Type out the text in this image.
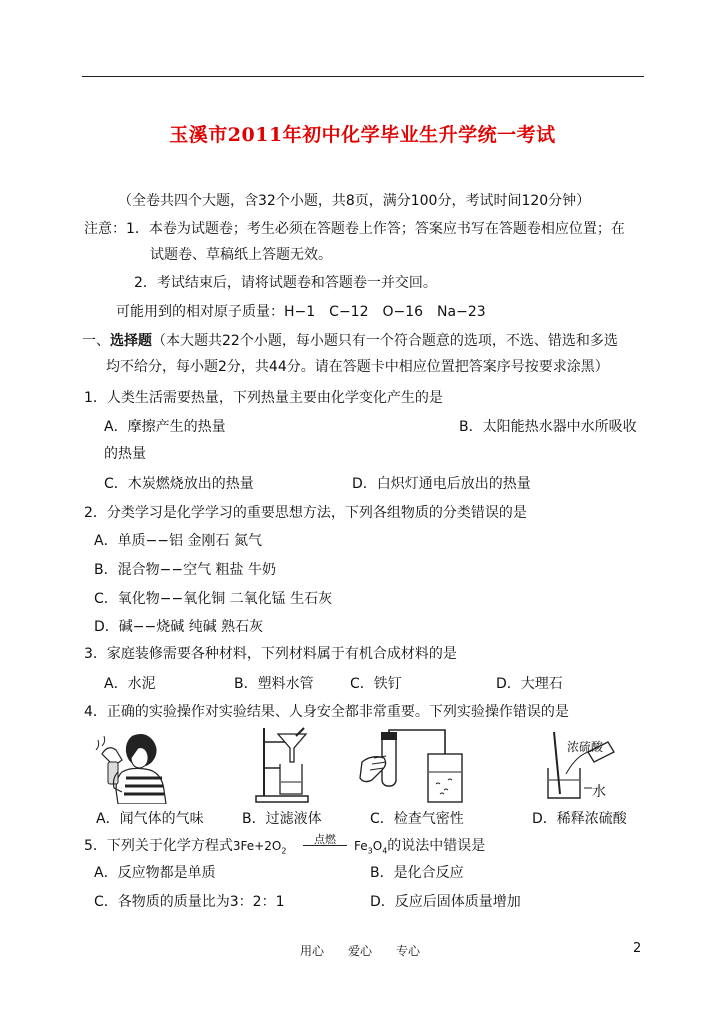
玉溪市2011年初中化学毕业生升学统一考试
（全卷共四个大题，含32个小题，共8页，满分100分，考试时间120分钟）
注意：1．本卷为试题卷；考生必须在答题卷上作答；答案应书写在答题卷相应位置；在
试题卷、草稿纸上答题无效。
2．考试结束后，请将试题卷和答题卷一并交回。
可能用到的相对原子质量：H−1　C−12　O−16　Na−23
一、选择题（本大题共22个小题，每小题只有一个符合题意的选项，不选、错选和多选
均不给分，每小题2分，共44分。请在答题卡中相应位置把答案序号按要求涂黑）
1．人类生活需要热量，下列热量主要由化学变化产生的是
A．摩擦产生的热量	B．太阳能热水器中水所吸收
的热量
C．木炭燃烧放出的热量	D．白炽灯通电后放出的热量
2．分类学习是化学学习的重要思想方法，下列各组物质的分类错误的是
A．单质−−铝 金刚石 氮气
B．混合物−−空气 粗盐 牛奶
C．氧化物−−氧化铜 二氧化锰 生石灰
D．碱−−烧碱 纯碱 熟石灰
3．家庭装修需要各种材料，下列材料属于有机合成材料的是
A．水泥	B．塑料水管	C．铁钉	D．大理石
4．正确的实验操作对实验结果、人身安全都非常重要。下列实验操作错误的是
浓硫酸
水
A．闻气体的气味	B．过滤液体	C．检查气密性	D．稀释浓硫酸
5．下列关于化学方程式$3Fe+2O_2$
点燃	$Fe_3O_4$的说法中错误是
A．反应物都是单质	B．是化合反应
C．各物质的质量比为3：2：1	D．反应后固体质量增加
用心　　爱心　　专心	2
